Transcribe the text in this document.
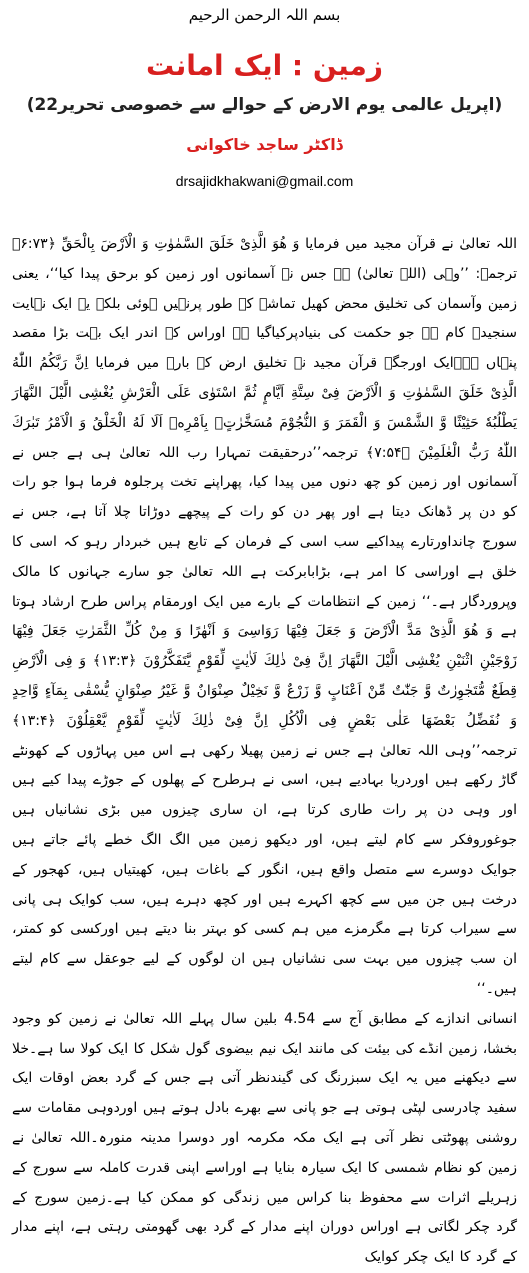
بسم اللہ الرحمن الرحیم
زمین : ایک امانت
(22اپریل عالمی یوم الارض کے حوالے سے خصوصی تحریر)
ڈاکٹر ساجد خاکوانی
drsajidkhakwani@gmail.com

اللہ تعالیٰ نے قرآن مجید میں فرمایا وَ هُوَ الَّذِیْ خَلَقَ السَّمٰوٰتِ وَ الْاَرْضَ بِالْحَقِّ ﴿۶:۷۳﴾ ترجمہ: ’’وہی (اللہ تعالیٰ) ہے جس نے آسمانوں اور زمین کو برحق پیدا کیا‘‘، یعنی زمین وآسمان کی تخلیق محض کھیل تماشے کے طور پرنہیں ہوئی بلکہ یہ ایک نہایت سنجیدہ کام ہے جو حکمت کی بنیادپرکیاگیا ہے اوراس کے اندر ایک بہت بڑا مقصد پنہاں ہے۔ایک اورجگہ قرآن مجید نے تخلیق ارض کے بارے میں فرمایا اِنَّ رَبَّكُمُ اللّٰهُ الَّذِیْ خَلَقَ السَّمٰوٰتِ وَ الْاَرْضَ فِیْ سِتَّةِ اَیَّامٍ ثُمَّ اسْتَوٰى عَلَى الْعَرْشِ یُغْشِی الَّیْلَ النَّهَارَ یَطْلُبُهٗ حَثِیْثًا وَّ الشَّمْسَ وَ الْقَمَرَ وَ النُّجُوْمَ مُسَخَّرٰتٍۭ بِاَمْرِهٖ اَلَا لَهُ الْخَلْقُ وَ الْاَمْرُ تَبٰرَكَ اللّٰهُ رَبُّ الْعٰلَمِیْنَ ﴿۷:۵۴﴾ ترجمہ’’درحقیقت تمہارا رب اللہ تعالیٰ ہی ہے جس نے آسمانوں اور زمین کو چھ دنوں میں پیدا کیا، پھراپنے تخت پرجلوہ فرما ہوا جو رات کو دن پر ڈھانک دیتا ہے اور پھر دن کو رات کے پیچھے دوڑاتا چلا آتا ہے، جس نے سورج چانداورتارے پیداکیے سب اسی کے فرمان کے تابع ہیں خبردار رہو کہ اسی کا خلق ہے اوراسی کا امر ہے، بڑابابرکت ہے اللہ تعالیٰ جو سارے جہانوں کا مالک وپروردگار ہے۔‘‘ زمین کے انتظامات کے بارے میں ایک اورمقام پراس طرح ارشاد ہوتا ہے وَ هُوَ الَّذِیْ مَدَّ الْاَرْضَ وَ جَعَلَ فِیْهَا رَوَاسِیَ وَ اَنْهٰرًا وَ مِنْ كُلِّ الثَّمَرٰتِ جَعَلَ فِیْهَا زَوْجَیْنِ اثْنَیْنِ یُغْشِی الَّیْلَ النَّهَارَ اِنَّ فِیْ ذٰلِكَ لَاٰیٰتٍ لِّقَوْمٍ یَّتَفَكَّرُوْنَ ﴿۱۳:۳﴾ وَ فِی الْاَرْضِ قِطَعٌ مُّتَجٰوِرٰتٌ وَّ جَنّٰتٌ مِّنْ اَعْنَابٍ وَّ زَرْعٌ وَّ نَخِیْلٌ صِنْوَانٌ وَّ غَیْرُ صِنْوَانٍ یُّسْقٰى بِمَآءٍ وَّاحِدٍ وَ نُفَضِّلُ بَعْضَهَا عَلٰى بَعْضٍ فِی الْاُكُلِ اِنَّ فِیْ ذٰلِكَ لَاٰیٰتٍ لِّقَوْمٍ یَّعْقِلُوْنَ ﴿۱۳:۴﴾ ترجمہ’’وہی اللہ تعالیٰ ہے جس نے زمین پھیلا رکھی ہے اس میں پہاڑوں کے کھونٹے گاڑ رکھے ہیں اوردریا بہادیے ہیں، اسی نے ہرطرح کے پھلوں کے جوڑے پیدا کیے ہیں اور وہی دن پر رات طاری کرتا ہے، ان ساری چیزوں میں بڑی نشانیاں ہیں جوغوروفکر سے کام لیتے ہیں، اور دیکھو زمین میں الگ الگ خطے پائے جاتے ہیں جوایک دوسرے سے متصل واقع ہیں، انگور کے باغات ہیں، کھیتیاں ہیں، کھجور کے درخت ہیں جن میں سے کچھ اکہرے ہیں اور کچھ دہرے ہیں، سب کوایک ہی پانی سے سیراب کرتا ہے مگرمزے میں ہم کسی کو بہتر بنا دیتے ہیں اورکسی کو کمتر، ان سب چیزوں میں بہت سی نشانیاں ہیں ان لوگوں کے لیے جوعقل سے کام لیتے ہیں۔‘‘

انسانی اندازے کے مطابق آج سے 4.54 بلین سال پہلے اللہ تعالیٰ نے زمین کو وجود بخشا، زمین انڈے کی بیئت کی مانند ایک نیم بیضوی گول شکل کا ایک کولا سا ہے۔خلا سے دیکھنے میں یہ ایک سبزرنگ کی گیندنظر آتی ہے جس کے گرد بعض اوقات ایک سفید چادرسی لپٹی ہوتی ہے جو پانی سے بھرے بادل ہوتے ہیں اوردوہی مقامات سے روشنی پھوٹتی نظر آتی ہے ایک مکہ مکرمہ اور دوسرا مدینہ منورہ۔اللہ تعالیٰ نے زمین کو نظام شمسی کا ایک سیارہ بنایا ہے اوراسے اپنی قدرت کاملہ سے سورج کے زہریلے اثرات سے محفوظ بنا کراس میں زندگی کو ممکن کیا ہے۔زمین سورج کے گرد چکر لگاتی ہے اوراس دوران اپنے مدار کے گرد بھی گھومتی رہتی ہے، اپنے مدار کے گرد کا ایک چکر کوایک
